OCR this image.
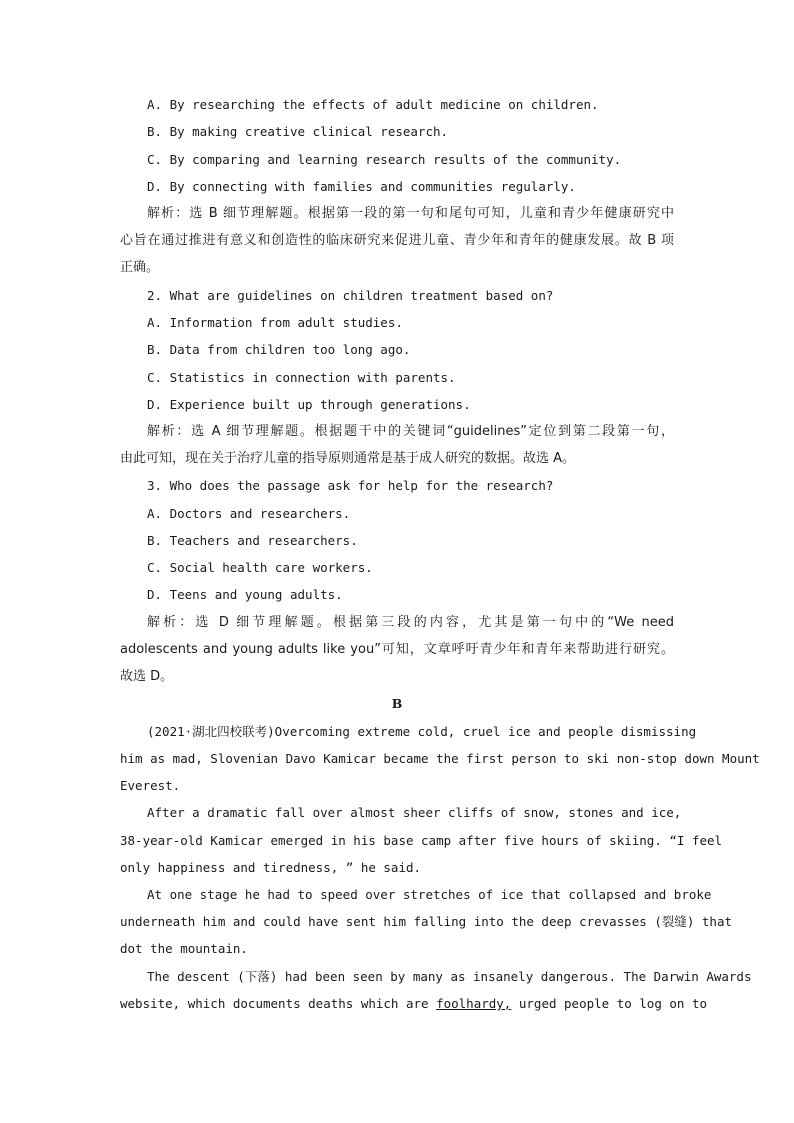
A. By researching the effects of adult medicine on children.
B. By making creative clinical research.
C. By comparing and learning research results of the community.
D. By connecting with families and communities regularly.
解析：选 B 细节理解题。根据第一段的第一句和尾句可知，儿童和青少年健康研究中
心旨在通过推进有意义和创造性的临床研究来促进儿童、青少年和青年的健康发展。故 B 项
正确。
2. What are guidelines on children treatment based on?
A. Information from adult studies.
B. Data from children too long ago.
C. Statistics in connection with parents.
D. Experience built up through generations.
解析：选 A 细节理解题。根据题干中的关键词“guidelines”定位到第二段第一句，
由此可知，现在关于治疗儿童的指导原则通常是基于成人研究的数据。故选 A。
3. Who does the passage ask for help for the research?
A. Doctors and researchers.
B. Teachers and researchers.
C. Social health care workers.
D. Teens and young adults.
解析：选 D 细节理解题。根据第三段的内容，尤其是第一句中的“We need
adolescents and young adults like you”可知，文章呼吁青少年和青年来帮助进行研究。
故选 D。
B
(2021·湖北四校联考)Overcoming extreme cold, cruel ice and people dismissing
him as mad, Slovenian Davo Kamicar became the first person to ski non-stop down Mount
Everest.
After a dramatic fall over almost sheer cliffs of snow, stones and ice,
38-year-old Kamicar emerged in his base camp after five hours of skiing. “I feel
only happiness and tiredness, ” he said.
At one stage he had to speed over stretches of ice that collapsed and broke
underneath him and could have sent him falling into the deep crevasses (裂缝) that
dot the mountain.
The descent (下落) had been seen by many as insanely dangerous. The Darwin Awards
website, which documents deaths which are foolhardy, urged people to log on to
